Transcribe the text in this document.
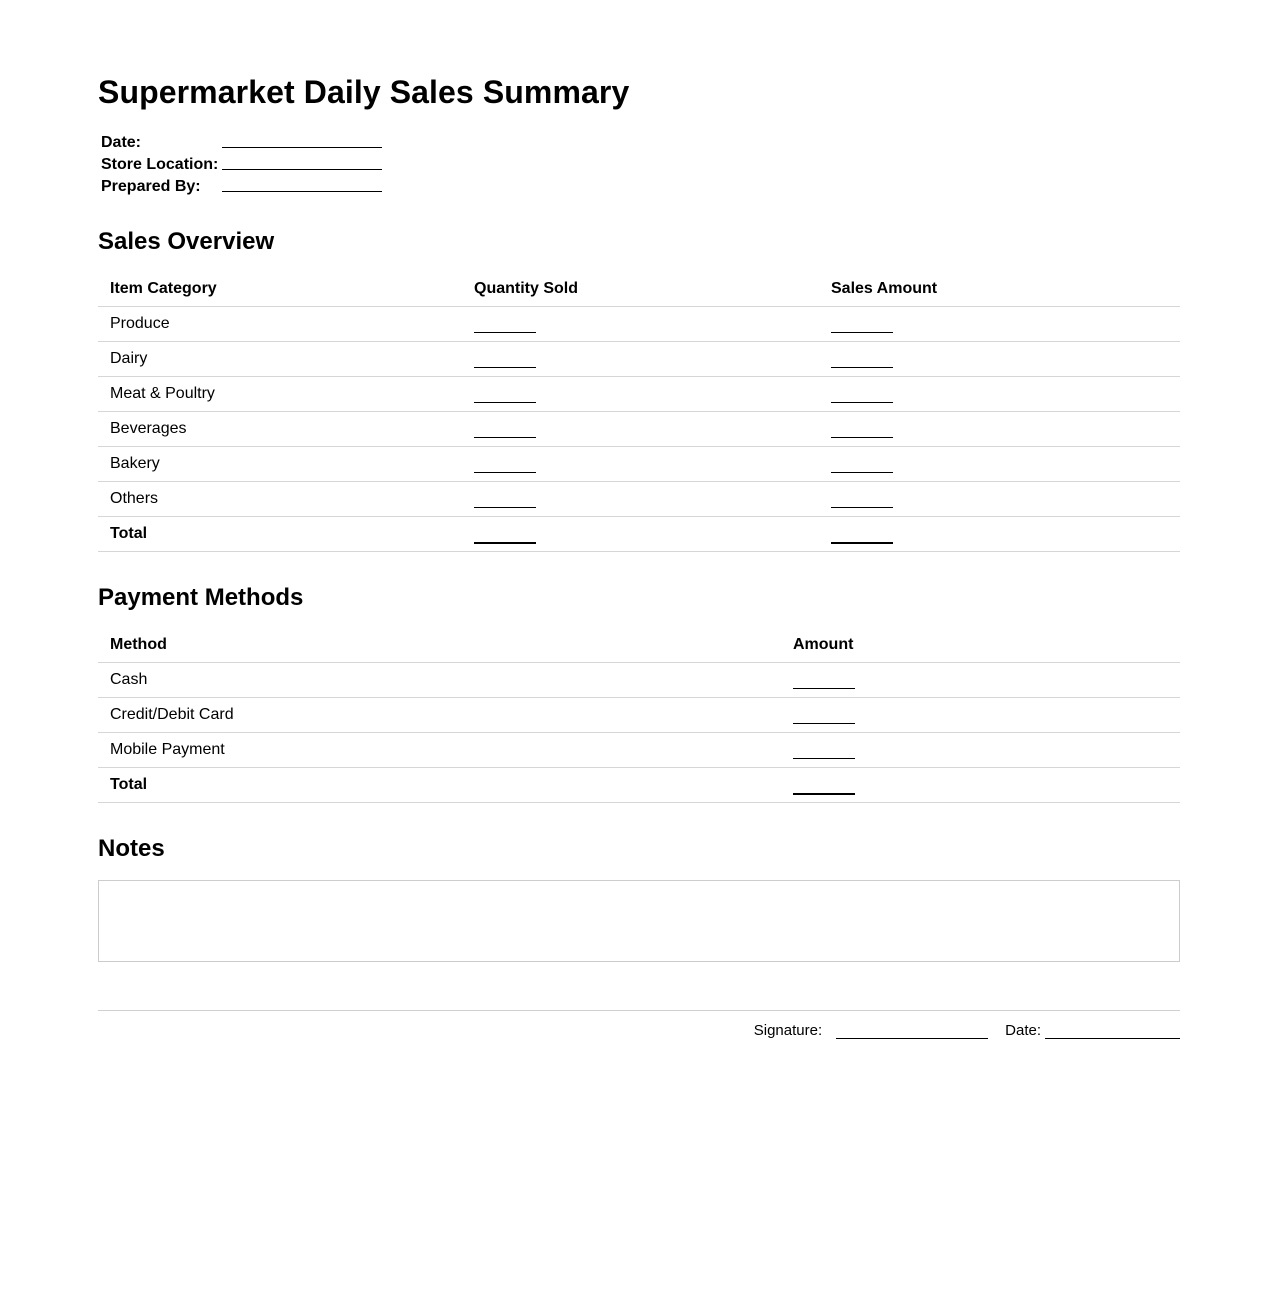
Supermarket Daily Sales Summary
Date:
Store Location:
Prepared By:
Sales Overview
Item Category	Quantity Sold	Sales Amount
Produce		
Dairy		
Meat & Poultry		
Beverages		
Bakery		
Others		
Total		
Payment Methods
Method	Amount
Cash	
Credit/Debit Card	
Mobile Payment	
Total	
Notes
Signature:	Date:
